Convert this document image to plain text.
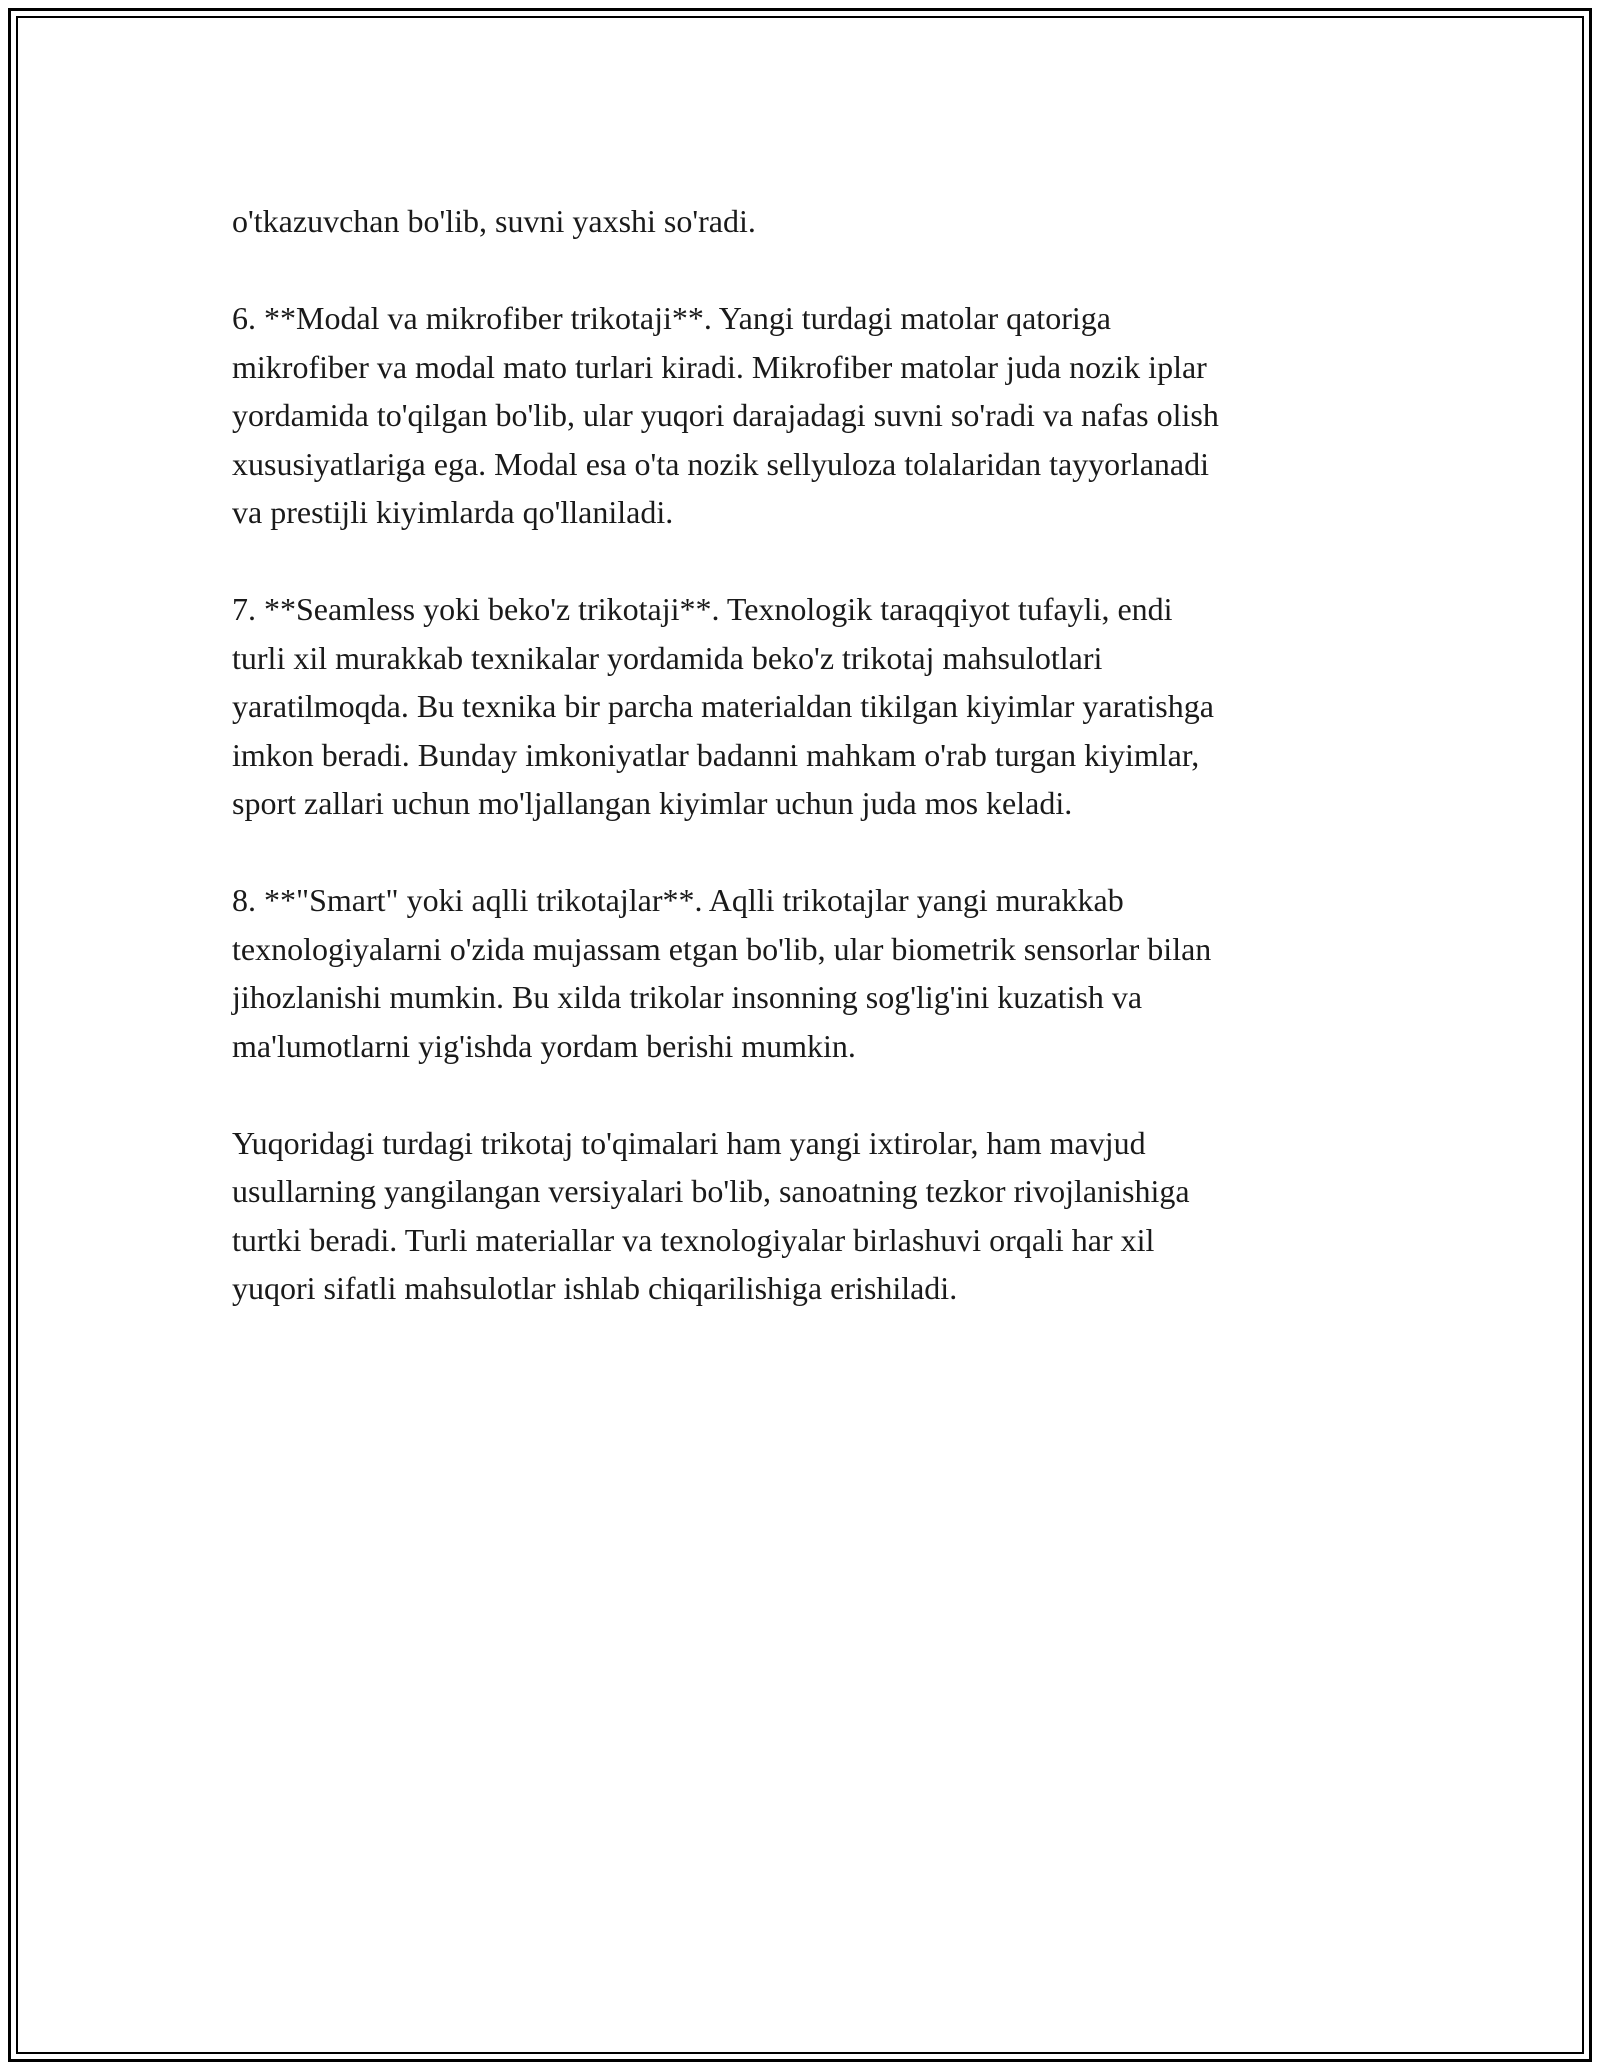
o'tkazuvchan bo'lib, suvni yaxshi so'radi.

6. **Modal va mikrofiber trikotaji**. Yangi turdagi matolar qatoriga
mikrofiber va modal mato turlari kiradi. Mikrofiber matolar juda nozik iplar
yordamida to'qilgan bo'lib, ular yuqori darajadagi suvni so'radi va nafas olish
xususiyatlariga ega. Modal esa o'ta nozik sellyuloza tolalaridan tayyorlanadi
va prestijli kiyimlarda qo'llaniladi.

7. **Seamless yoki beko'z trikotaji**. Texnologik taraqqiyot tufayli, endi
turli xil murakkab texnikalar yordamida beko'z trikotaj mahsulotlari
yaratilmoqda. Bu texnika bir parcha materialdan tikilgan kiyimlar yaratishga
imkon beradi. Bunday imkoniyatlar badanni mahkam o'rab turgan kiyimlar,
sport zallari uchun mo'ljallangan kiyimlar uchun juda mos keladi.

8. **"Smart" yoki aqlli trikotajlar**. Aqlli trikotajlar yangi murakkab
texnologiyalarni o'zida mujassam etgan bo'lib, ular biometrik sensorlar bilan
jihozlanishi mumkin. Bu xilda trikolar insonning sog'lig'ini kuzatish va
ma'lumotlarni yig'ishda yordam berishi mumkin.

Yuqoridagi turdagi trikotaj to'qimalari ham yangi ixtirolar, ham mavjud
usullarning yangilangan versiyalari bo'lib, sanoatning tezkor rivojlanishiga
turtki beradi. Turli materiallar va texnologiyalar birlashuvi orqali har xil
yuqori sifatli mahsulotlar ishlab chiqarilishiga erishiladi.
